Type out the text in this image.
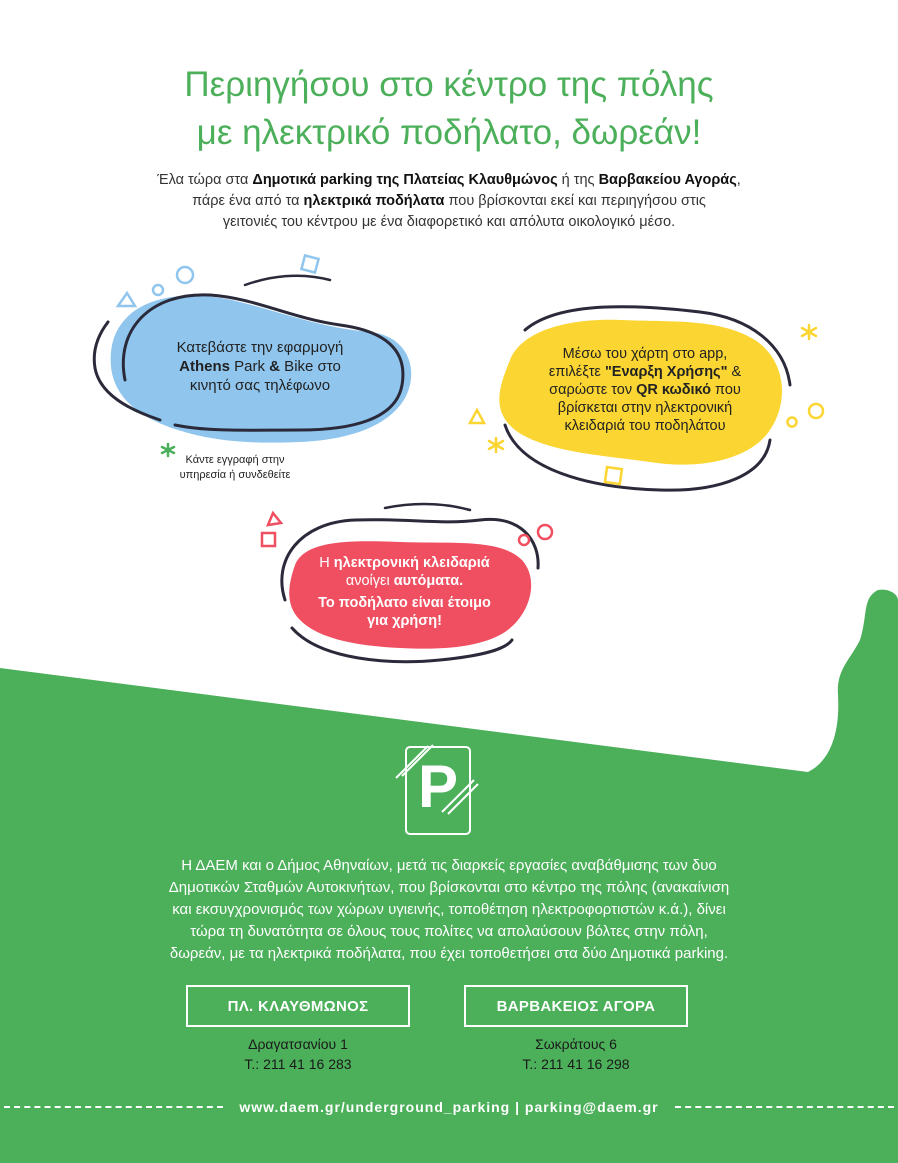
Περιηγήσου στο κέντρο της πόλης
με ηλεκτρικό ποδήλατο, δωρεάν!
Έλα τώρα στα Δημοτικά parking της Πλατείας Κλαυθμώνος ή της Βαρβακείου Αγοράς,
πάρε ένα από τα ηλεκτρικά ποδήλατα που βρίσκονται εκεί και περιηγήσου στις
γειτονιές του κέντρου με ένα διαφορετικό και απόλυτα οικολογικό μέσο.
Κατεβάστε την εφαρμογή
Athens Park & Bike στο
κινητό σας τηλέφωνο
Κάντε εγγραφή στην
υπηρεσία ή συνδεθείτε
Μέσω του χάρτη στο app,
επιλέξτε "Εναρξη Χρήσης" &
σαρώστε τον QR κωδικό που
βρίσκεται στην ηλεκτρονική
κλειδαριά του ποδηλάτου
Η ηλεκτρονική κλειδαριά
ανοίγει αυτόματα.
Το ποδήλατο είναι έτοιμο
για χρήση!
P
Η ΔΑΕΜ και ο Δήμος Αθηναίων, μετά τις διαρκείς εργασίες αναβάθμισης των δυο
Δημοτικών Σταθμών Αυτοκινήτων, που βρίσκονται στο κέντρο της πόλης (ανακαίνιση
και εκσυγχρονισμός των χώρων υγιεινής, τοποθέτηση ηλεκτροφορτιστών κ.ά.), δίνει
τώρα τη δυνατότητα σε όλους τους πολίτες να απολαύσουν βόλτες στην πόλη,
δωρεάν, με τα ηλεκτρικά ποδήλατα, που έχει τοποθετήσει στα δύο Δημοτικά parking.
ΠΛ. ΚΛΑΥΘΜΩΝΟΣ
Δραγατσανίου 1
Τ.: 211 41 16 283
ΒΑΡΒΑΚΕΙΟΣ ΑΓΟΡΑ
Σωκράτους 6
Τ.: 211 41 16 298
www.daem.gr/underground_parking | parking@daem.gr
